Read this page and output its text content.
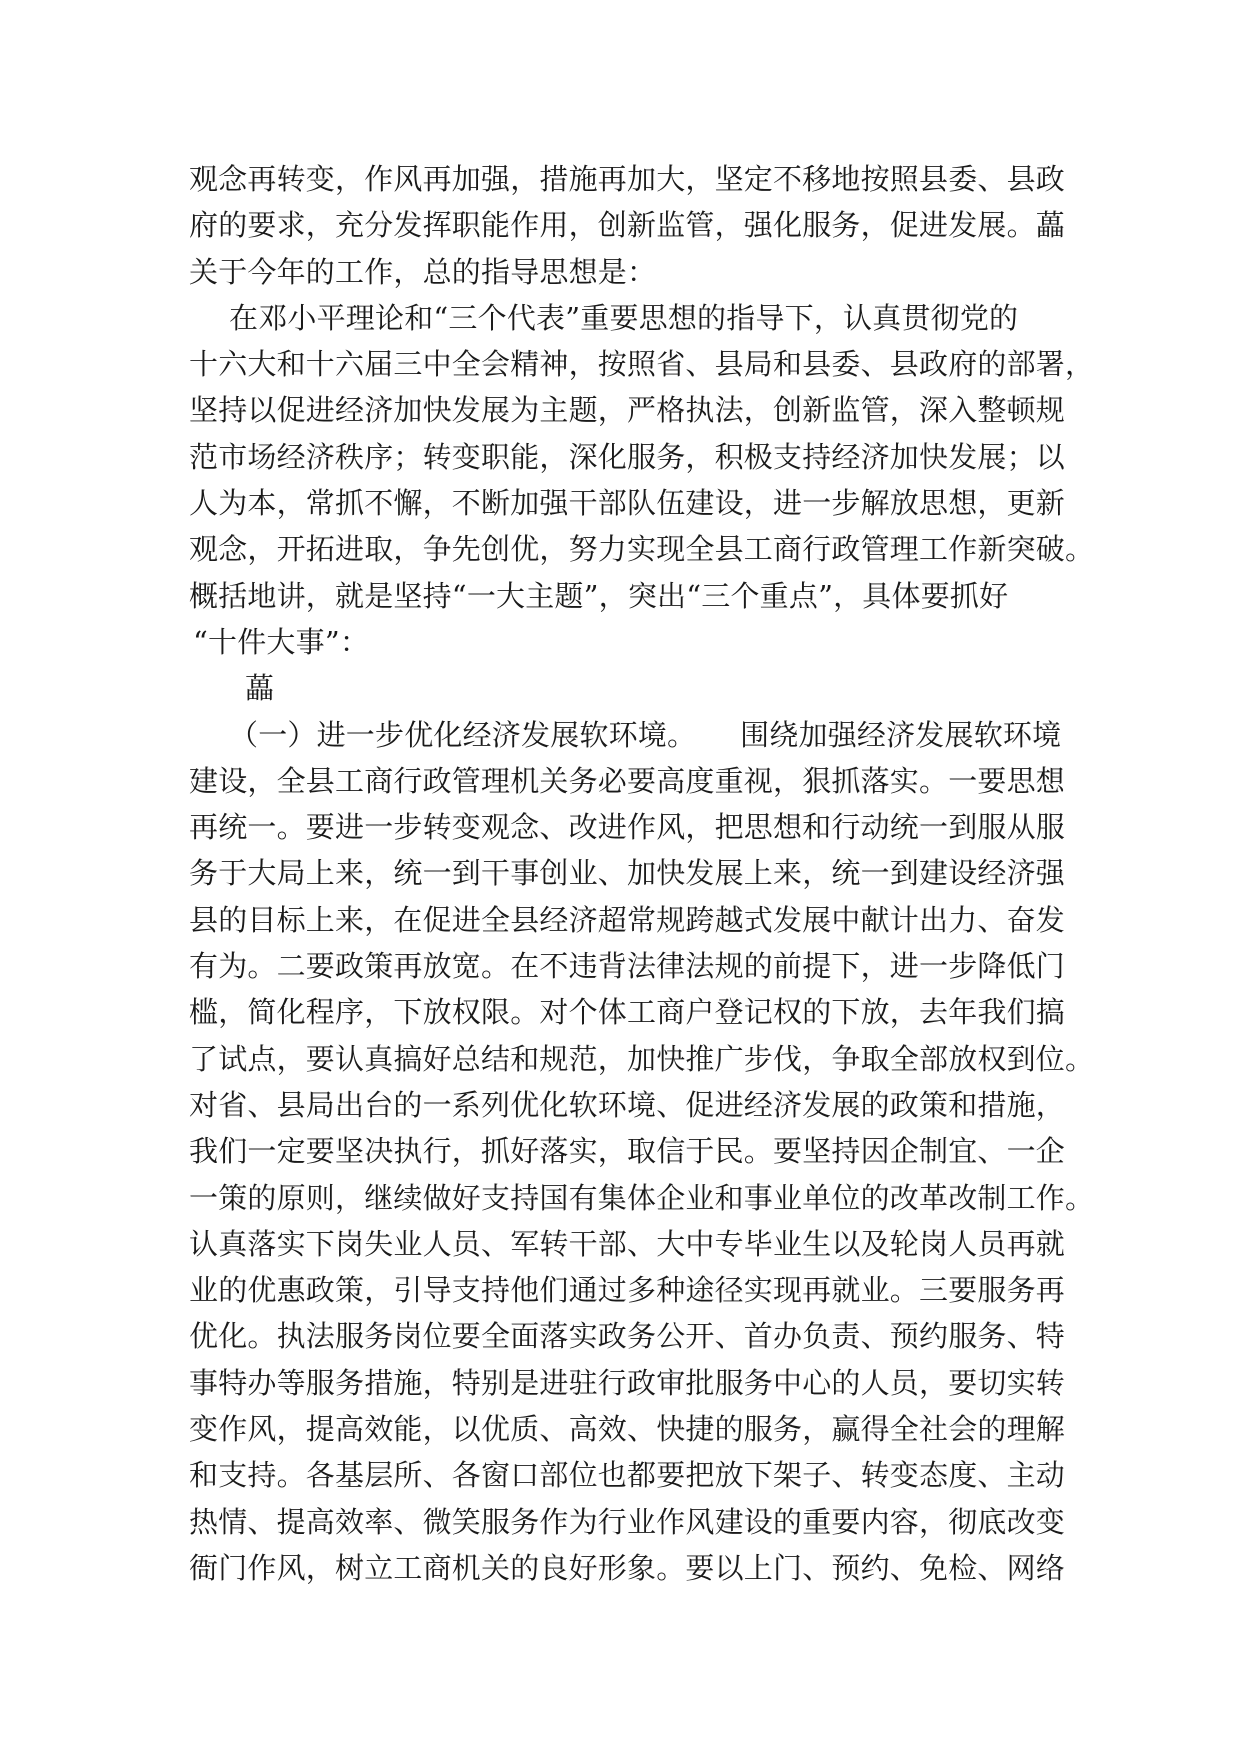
观念再转变，作风再加强，措施再加大，坚定不移地按照县委、县政
府的要求，充分发挥职能作用，创新监管，强化服务，促进发展。藟
关于今年的工作，总的指导思想是：
在邓小平理论和“三个代表”重要思想的指导下，认真贯彻党的
十六大和十六届三中全会精神，按照省、县局和县委、县政府的部署，
坚持以促进经济加快发展为主题，严格执法，创新监管，深入整顿规
范市场经济秩序；转变职能，深化服务，积极支持经济加快发展；以
人为本，常抓不懈，不断加强干部队伍建设，进一步解放思想，更新
观念，开拓进取，争先创优，努力实现全县工商行政管理工作新突破。
概括地讲，就是坚持“一大主题”，突出“三个重点”，具体要抓好
“十件大事”：
藟
（一）进一步优化经济发展软环境。　　围绕加强经济发展软环境
建设，全县工商行政管理机关务必要高度重视，狠抓落实。一要思想
再统一。要进一步转变观念、改进作风，把思想和行动统一到服从服
务于大局上来，统一到干事创业、加快发展上来，统一到建设经济强
县的目标上来，在促进全县经济超常规跨越式发展中献计出力、奋发
有为。二要政策再放宽。在不违背法律法规的前提下，进一步降低门
槛，简化程序，下放权限。对个体工商户登记权的下放，去年我们搞
了试点，要认真搞好总结和规范，加快推广步伐，争取全部放权到位。
对省、县局出台的一系列优化软环境、促进经济发展的政策和措施，
我们一定要坚决执行，抓好落实，取信于民。要坚持因企制宜、一企
一策的原则，继续做好支持国有集体企业和事业单位的改革改制工作。
认真落实下岗失业人员、军转干部、大中专毕业生以及轮岗人员再就
业的优惠政策，引导支持他们通过多种途径实现再就业。三要服务再
优化。执法服务岗位要全面落实政务公开、首办负责、预约服务、特
事特办等服务措施，特别是进驻行政审批服务中心的人员，要切实转
变作风，提高效能，以优质、高效、快捷的服务，赢得全社会的理解
和支持。各基层所、各窗口部位也都要把放下架子、转变态度、主动
热情、提高效率、微笑服务作为行业作风建设的重要内容，彻底改变
衙门作风，树立工商机关的良好形象。要以上门、预约、免检、网络
